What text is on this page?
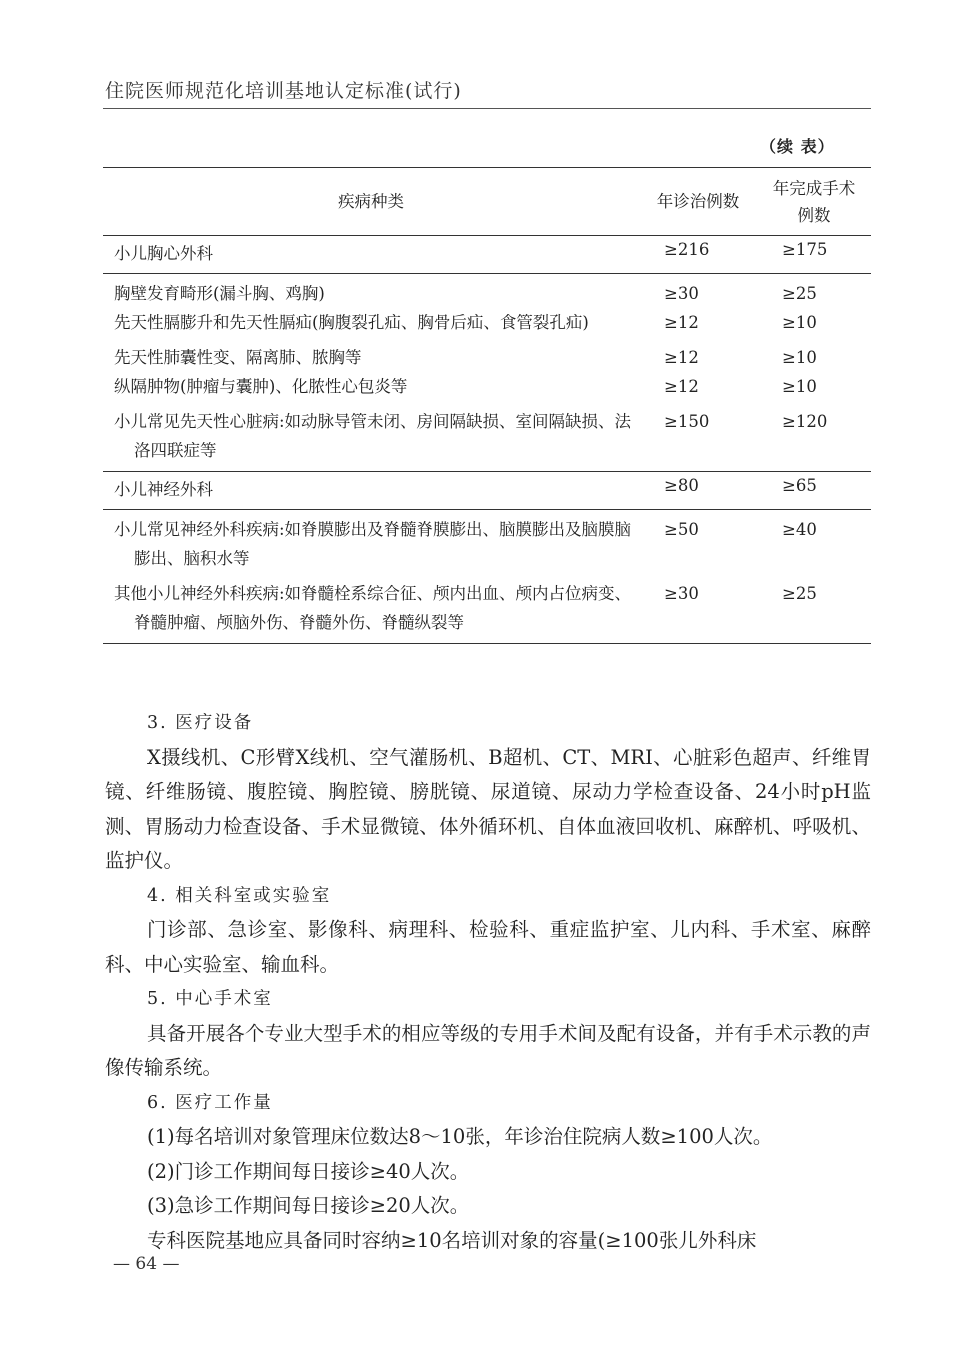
住院医师规范化培训基地认定标准(试行)
（续 表）
疾病种类	年诊治例数	年完成手术
例数
小儿胸心外科	≥216	≥175

胸壁发育畸形(漏斗胸、鸡胸)	≥30	≥25

先天性膈膨升和先天性膈疝(胸腹裂孔疝、胸骨后疝、食管裂孔疝)	≥12	≥10

先天性肺囊性变、隔离肺、脓胸等	≥12	≥10

纵隔肿物(肿瘤与囊肿)、化脓性心包炎等	≥12	≥10

小儿常见先天性心脏病:如动脉导管未闭、房间隔缺损、室间隔缺损、法洛四联症等	≥150	≥120
小儿神经外科	≥80	≥65

小儿常见神经外科疾病:如脊膜膨出及脊髓脊膜膨出、脑膜膨出及脑膜脑膨出、脑积水等	≥50	≥40

其他小儿神经外科疾病:如脊髓栓系综合征、颅内出血、颅内占位病变、脊髓肿瘤、颅脑外伤、脊髓外伤、脊髓纵裂等	≥30	≥25

3. 医疗设备

X摄线机、C形臂X线机、空气灌肠机、B超机、CT、MRI、心脏彩色超声、纤维胃镜、纤维肠镜、腹腔镜、胸腔镜、膀胱镜、尿道镜、尿动力学检查设备、24小时pH监测、胃肠动力检查设备、手术显微镜、体外循环机、自体血液回收机、麻醉机、呼吸机、监护仪。

4. 相关科室或实验室

门诊部、急诊室、影像科、病理科、检验科、重症监护室、儿内科、手术室、麻醉科、中心实验室、输血科。

5. 中心手术室

具备开展各个专业大型手术的相应等级的专用手术间及配有设备，并有手术示教的声像传输系统。

6. 医疗工作量

(1)每名培训对象管理床位数达8～10张，年诊治住院病人数≥100人次。

(2)门诊工作期间每日接诊≥40人次。

(3)急诊工作期间每日接诊≥20人次。

专科医院基地应具备同时容纳≥10名培训对象的容量(≥100张儿外科床

— 64 —
